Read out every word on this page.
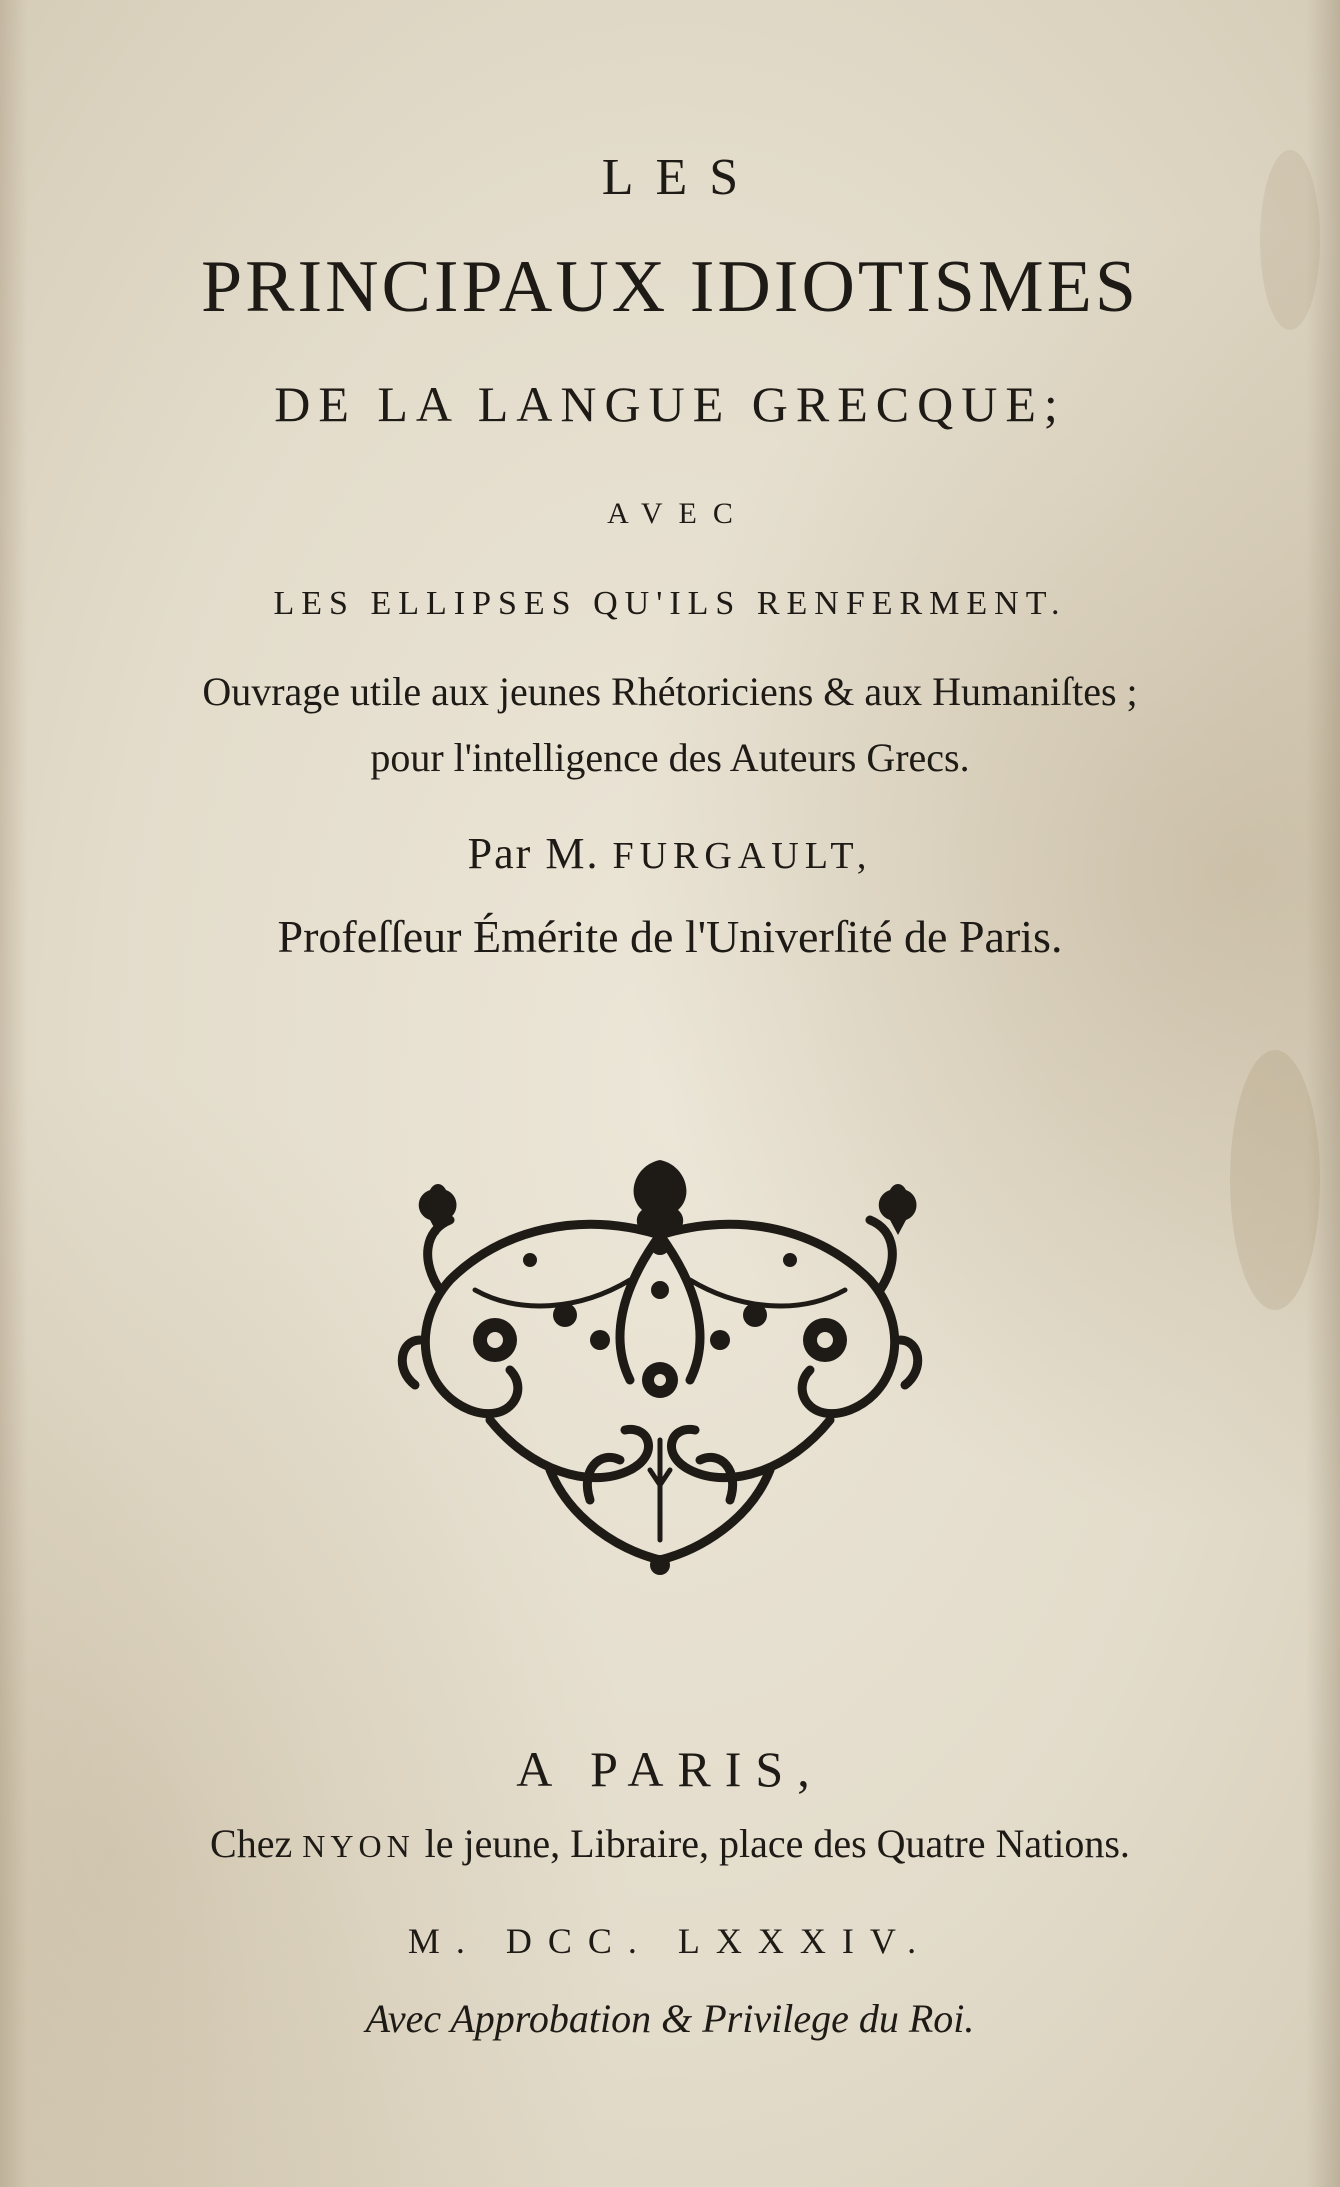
LES
PRINCIPAUX IDIOTISMES
DE LA LANGUE GRECQUE;
AVEC
LES ELLIPSES QU'ILS RENFERMENT.
Ouvrage utile aux jeunes Rhétoriciens & aux Humaniſtes ;
pour l'intelligence des Auteurs Grecs.
Par M. FURGAULT,
Profeſſeur Émérite de l'Univerſité de Paris.
A PARIS,
Chez NYON le jeune, Libraire, place des Quatre Nations.
M. DCC. LXXXIV.
Avec Approbation & Privilege du Roi.
